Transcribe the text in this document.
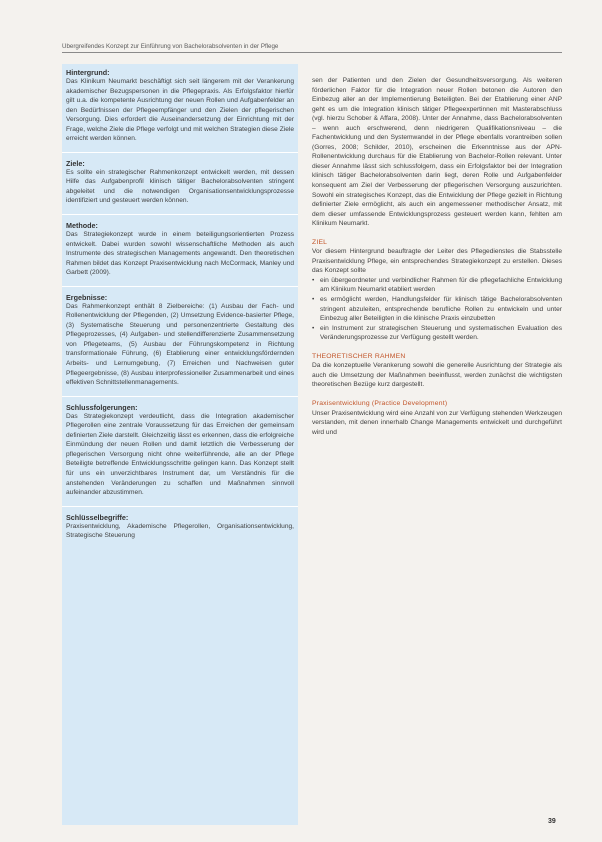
Übergreifendes Konzept zur Einführung von Bachelorabsolventen in der Pflege
Hintergrund:
Das Klinikum Neumarkt beschäftigt sich seit längerem mit der Verankerung akademischer Bezugspersonen in die Pflegepraxis. Als Erfolgsfaktor hierfür gilt u.a. die kompetente Ausrichtung der neuen Rollen und Aufgabenfelder an den Bedürfnissen der Pflegeempfänger und den Zielen der pflegerischen Versorgung. Dies erfordert die Auseinandersetzung der Einrichtung mit der Frage, welche Ziele die Pflege verfolgt und mit welchen Strategien diese Ziele erreicht werden können.
Ziele:
Es sollte ein strategischer Rahmenkonzept entwickelt werden, mit dessen Hilfe das Aufgabenprofil klinisch tätiger Bachelorabsolventen stringent abgeleitet und die notwendigen Organisationsentwicklungsprozesse identifiziert und gesteuert werden können.
Methode:
Das Strategiekonzept wurde in einem beteiligungsorientierten Prozess entwickelt. Dabei wurden sowohl wissenschaftliche Methoden als auch Instrumente des strategischen Managements angewandt. Den theoretischen Rahmen bildet das Konzept Praxisentwicklung nach McCormack, Manley und Garbett (2009).
Ergebnisse:
Das Rahmenkonzept enthält 8 Zielbereiche: (1) Ausbau der Fach- und Rollenentwicklung der Pflegenden, (2) Umsetzung Evidence-basierter Pflege, (3) Systematische Steuerung und personenzentrierte Gestaltung des Pflegeprozesses, (4) Aufgaben- und stellendifferenzierte Zusammensetzung von Pflegeteams, (5) Ausbau der Führungskompetenz in Richtung transformationale Führung, (6) Etablierung einer entwicklungsfördernden Arbeits- und Lernumgebung, (7) Erreichen und Nachweisen guter Pflegeergebnisse, (8) Ausbau interprofessioneller Zusammenarbeit und eines effektiven Schnittstellenmanagements.
Schlussfolgerungen:
Das Strategiekonzept verdeutlicht, dass die Integration akademischer Pflegerollen eine zentrale Voraussetzung für das Erreichen der gemeinsam definierten Ziele darstellt. Gleichzeitig lässt es erkennen, dass die erfolgreiche Einmündung der neuen Rollen und damit letztlich die Verbesserung der pflegerischen Versorgung nicht ohne weiterführende, alle an der Pflege Beteiligte betreffende Entwicklungsschritte gelingen kann. Das Konzept stellt für uns ein unverzichtbares Instrument dar, um Verständnis für die anstehenden Veränderungen zu schaffen und Maßnahmen sinnvoll aufeinander abzustimmen.
Schlüsselbegriffe:
Praxisentwicklung, Akademische Pflegerollen, Organisationsentwicklung, Strategische Steuerung

sen der Patienten und den Zielen der Gesundheitsversorgung. Als weiteren förderlichen Faktor für die Integration neuer Rollen betonen die Autoren den Einbezug aller an der Implementierung Beteiligten. Bei der Etablierung einer ANP geht es um die Integration klinisch tätiger Pflegeexpertinnen mit Masterabschluss (vgl. hierzu Schober & Affara, 2008). Unter der Annahme, dass Bachelorabsolventen – wenn auch erschwerend, denn niedrigeren Qualifikationsniveau – die Fachentwicklung und den Systemwandel in der Pflege ebenfalls vorantreiben sollen (Gorres, 2008; Schilder, 2010), erscheinen die Erkenntnisse aus der APN-Rollenentwicklung durchaus für die Etablierung von Bachelor-Rollen relevant. Unter dieser Annahme lässt sich schlussfolgern, dass ein Erfolgsfaktor bei der Integration klinisch tätiger Bachelorabsolventen darin liegt, deren Rolle und Aufgabenfelder konsequent am Ziel der Verbesserung der pflegerischen Versorgung auszurichten. Sowohl ein strategisches Konzept, das die Entwicklung der Pflege gezielt in Richtung definierter Ziele ermöglicht, als auch ein angemessener methodischer Ansatz, mit dem dieser umfassende Entwicklungsprozess gesteuert werden kann, fehlten am Klinikum Neumarkt.

ZIEL

Vor diesem Hintergrund beauftragte der Leiter des Pflegedienstes die Stabsstelle Praxisentwicklung Pflege, ein entsprechendes Strategiekonzept zu erstellen. Dieses das Konzept sollte

• ein übergeordneter und verbindlicher Rahmen für die pflegefachliche Entwicklung am Klinikum Neumarkt etabliert werden
• es ermöglicht werden, Handlungsfelder für klinisch tätige Bachelorabsolventen stringent abzuleiten, entsprechende berufliche Rollen zu entwickeln und unter Einbezug aller Beteiligten in die klinische Praxis einzubetten
• ein Instrument zur strategischen Steuerung und systematischen Evaluation des Veränderungsprozesse zur Verfügung gestellt werden.
THEORETISCHER RAHMEN

Da die konzeptuelle Verankerung sowohl die generelle Ausrichtung der Strategie als auch die Umsetzung der Maßnahmen beeinflusst, werden zunächst die wichtigsten theoretischen Bezüge kurz dargestellt.

Praxisentwicklung (Practice Development)

Unser Praxisentwicklung wird eine Anzahl von zur Verfügung stehenden Werkzeugen verstanden, mit denen innerhalb Change Managements entwickelt und durchgeführt wird und

39
